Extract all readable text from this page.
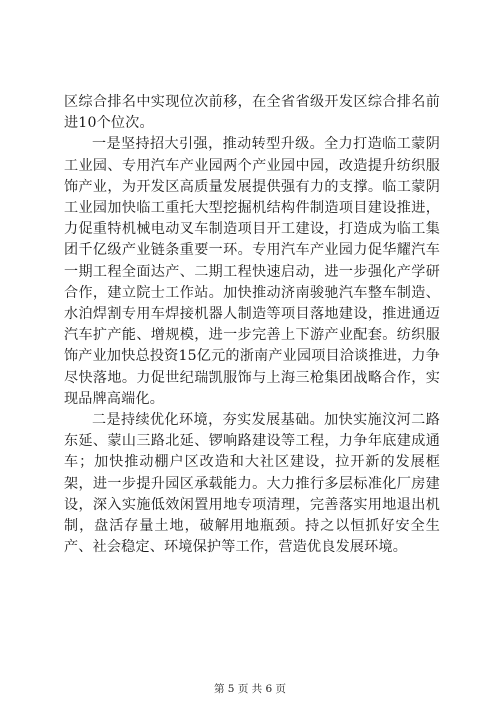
区综合排名中实现位次前移，在全省省级开发区综合排名前进10个位次。

一是坚持招大引强，推动转型升级。全力打造临工蒙阴工业园、专用汽车产业园两个产业园中园，改造提升纺织服饰产业，为开发区高质量发展提供强有力的支撑。临工蒙阴工业园加快临工重托大型挖掘机结构件制造项目建设推进，力促重特机械电动叉车制造项目开工建设，打造成为临工集团千亿级产业链条重要一环。专用汽车产业园力促华耀汽车一期工程全面达产、二期工程快速启动，进一步强化产学研合作，建立院士工作站。加快推动济南骏驰汽车整车制造、水泊焊割专用车焊接机器人制造等项目落地建设，推进通迈汽车扩产能、增规模，进一步完善上下游产业配套。纺织服饰产业加快总投资15亿元的浙南产业园项目洽谈推进，力争尽快落地。力促世纪瑞凯服饰与上海三枪集团战略合作，实现品牌高端化。

二是持续优化环境，夯实发展基础。加快实施汶河二路东延、蒙山三路北延、锣响路建设等工程，力争年底建成通车；加快推动棚户区改造和大社区建设，拉开新的发展框架，进一步提升园区承载能力。大力推行多层标准化厂房建设，深入实施低效闲置用地专项清理，完善落实用地退出机制，盘活存量土地，破解用地瓶颈。持之以恒抓好安全生产、社会稳定、环境保护等工作，营造优良发展环境。

第 5 页 共 6 页
